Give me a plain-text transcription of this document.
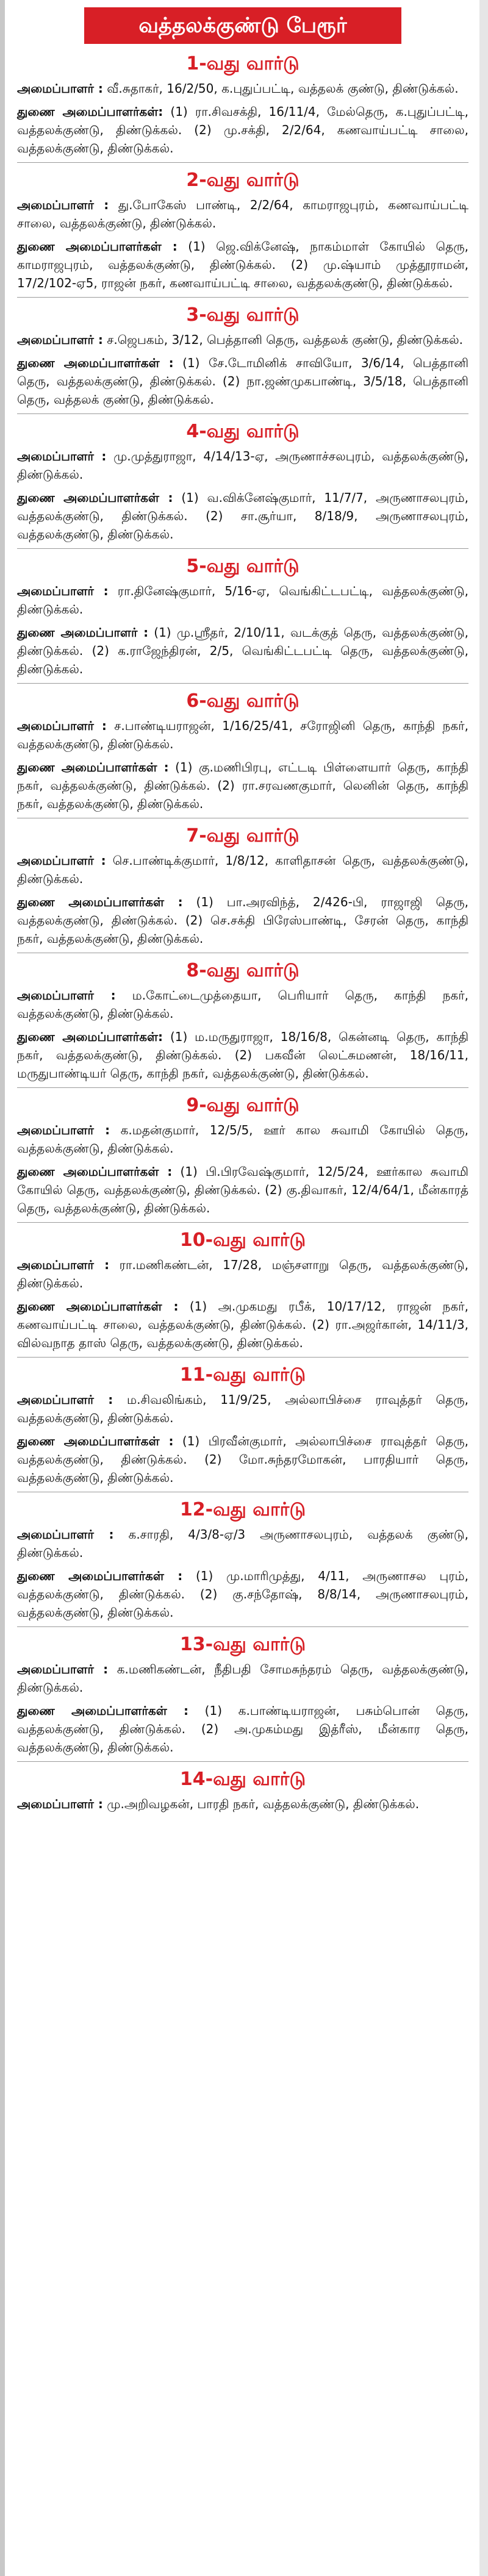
வத்தலக்குண்டு பேரூர்
1-வது வார்டு
அமைப்பாளர் : வீ.சுதாகர், 16/2/50, க.புதுப்பட்டி, வத்தலக் குண்டு, திண்டுக்கல்.
துணை அமைப்பாளர்கள்: (1) ரா.சிவசக்தி, 16/11/4, மேல்தெரு, க.புதுப்பட்டி, வத்தலக்குண்டு, திண்டுக்கல். (2) மு.சக்தி, 2/2/64, கணவாய்பட்டி சாலை, வத்தலக்குண்டு, திண்டுக்கல்.
2-வது வார்டு
அமைப்பாளர் : து.போகேஸ் பாண்டி, 2/2/64, காமராஜபுரம், கணவாய்பட்டி சாலை, வத்தலக்குண்டு, திண்டுக்கல்.
துணை அமைப்பாளர்கள் : (1) ஜெ.விக்னேஷ், நாகம்மாள் கோயில் தெரு, காமராஜபுரம், வத்தலக்குண்டு, திண்டுக்கல். (2) மு.ஷ்யாம் முத்தூராமன், 17/2/102-ஏ5, ராஜன் நகர், கணவாய்பட்டி சாலை, வத்தலக்குண்டு, திண்டுக்கல்.
3-வது வார்டு
அமைப்பாளர் : ச.ஜெபகம், 3/12, பெத்தானி தெரு, வத்தலக் குண்டு, திண்டுக்கல்.
துணை அமைப்பாளர்கள் : (1) சே.டோமினிக் சாவியோ, 3/6/14, பெத்தானி தெரு, வத்தலக்குண்டு, திண்டுக்கல். (2) நா.ஜண்முகபாண்டி, 3/5/18, பெத்தானி தெரு, வத்தலக் குண்டு, திண்டுக்கல்.
4-வது வார்டு
அமைப்பாளர் : மு.முத்துராஜா, 4/14/13-ஏ, அருணாச்சலபுரம், வத்தலக்குண்டு, திண்டுக்கல்.
துணை அமைப்பாளர்கள் : (1) வ.விக்னேஷ்குமார், 11/7/7, அருணாசலபுரம், வத்தலக்குண்டு, திண்டுக்கல். (2) சா.சூர்யா, 8/18/9, அருணாசலபுரம், வத்தலக்குண்டு, திண்டுக்கல்.
5-வது வார்டு
அமைப்பாளர் : ரா.தினேஷ்குமார், 5/16-ஏ, வெங்கிட்டபட்டி, வத்தலக்குண்டு, திண்டுக்கல்.
துணை அமைப்பாளர் : (1) மு.ஸ்ரீதர், 2/10/11, வடக்குத் தெரு, வத்தலக்குண்டு, திண்டுக்கல். (2) க.ராஜேந்திரன், 2/5, வெங்கிட்டபட்டி தெரு, வத்தலக்குண்டு, திண்டுக்கல்.
6-வது வார்டு
அமைப்பாளர் : ச.பாண்டியராஜன், 1/16/25/41, சரோஜினி தெரு, காந்தி நகர், வத்தலக்குண்டு, திண்டுக்கல்.
துணை அமைப்பாளர்கள் : (1) கு.மணிபிரபு, எட்டடி பிள்ளையார் தெரு, காந்தி நகர், வத்தலக்குண்டு, திண்டுக்கல். (2) ரா.சரவணகுமார், லெனின் தெரு, காந்தி நகர், வத்தலக்குண்டு, திண்டுக்கல்.
7-வது வார்டு
அமைப்பாளர் : செ.பாண்டிக்குமார், 1/8/12, காளிதாசன் தெரு, வத்தலக்குண்டு, திண்டுக்கல்.
துணை அமைப்பாளர்கள் : (1) பா.அரவிந்த், 2/426-பி, ராஜாஜி தெரு, வத்தலக்குண்டு, திண்டுக்கல். (2) செ.சக்தி பிரேஸ்பாண்டி, சேரன் தெரு, காந்தி நகர், வத்தலக்குண்டு, திண்டுக்கல்.
8-வது வார்டு
அமைப்பாளர் : ம.கோட்டைமுத்தையா, பெரியார் தெரு, காந்தி நகர், வத்தலக்குண்டு, திண்டுக்கல்.
துணை அமைப்பாளர்கள்: (1) ம.மருதுராஜா, 18/16/8, கென்னடி தெரு, காந்தி நகர், வத்தலக்குண்டு, திண்டுக்கல். (2) பகவீன் லெட்சுமணன், 18/16/11, மருதுபாண்டியர் தெரு, காந்தி நகர், வத்தலக்குண்டு, திண்டுக்கல்.
9-வது வார்டு
அமைப்பாளர் : க.மதன்குமார், 12/5/5, ஊர் கால சுவாமி கோயில் தெரு, வத்தலக்குண்டு, திண்டுக்கல்.
துணை அமைப்பாளர்கள் : (1) பி.பிரவேஷ்குமார், 12/5/24, ஊர்கால சுவாமி கோயில் தெரு, வத்தலக்குண்டு, திண்டுக்கல். (2) கு.திவாகர், 12/4/64/1, மீன்காரத் தெரு, வத்தலக்குண்டு, திண்டுக்கல்.
10-வது வார்டு
அமைப்பாளர் : ரா.மணிகண்டன், 17/28, மஞ்சளாறு தெரு, வத்தலக்குண்டு, திண்டுக்கல்.
துணை அமைப்பாளர்கள் : (1) அ.முகமது ரபீக், 10/17/12, ராஜன் நகர், கணவாய்பட்டி சாலை, வத்தலக்குண்டு, திண்டுக்கல். (2) ரா.அஜர்கான், 14/11/3, வில்வநாத தாஸ் தெரு, வத்தலக்குண்டு, திண்டுக்கல்.
11-வது வார்டு
அமைப்பாளர் : ம.சிவலிங்கம், 11/9/25, அல்லாபிச்சை ராவுத்தர் தெரு, வத்தலக்குண்டு, திண்டுக்கல்.
துணை அமைப்பாளர்கள் : (1) பிரவீன்குமார், அல்லாபிச்சை ராவுத்தர் தெரு, வத்தலக்குண்டு, திண்டுக்கல். (2) மோ.சுந்தரமோகன், பாரதியார் தெரு, வத்தலக்குண்டு, திண்டுக்கல்.
12-வது வார்டு
அமைப்பாளர் : க.சாரதி, 4/3/8-ஏ/3 அருணாசலபுரம், வத்தலக் குண்டு, திண்டுக்கல்.
துணை அமைப்பாளர்கள் : (1) மு.மாரிமுத்து, 4/11, அருணாசல புரம், வத்தலக்குண்டு, திண்டுக்கல். (2) கு.சந்தோஷ், 8/8/14, அருணாசலபுரம், வத்தலக்குண்டு, திண்டுக்கல்.
13-வது வார்டு
அமைப்பாளர் : க.மணிகண்டன், நீதிபதி சோமசுந்தரம் தெரு, வத்தலக்குண்டு, திண்டுக்கல்.
துணை அமைப்பாளர்கள் : (1) க.பாண்டியராஜன், பசும்பொன் தெரு, வத்தலக்குண்டு, திண்டுக்கல். (2) அ.முகம்மது இத்ரீஸ், மீன்கார தெரு, வத்தலக்குண்டு, திண்டுக்கல்.
14-வது வார்டு
அமைப்பாளர் : மு.அறிவழகன், பாரதி நகர், வத்தலக்குண்டு, திண்டுக்கல்.
